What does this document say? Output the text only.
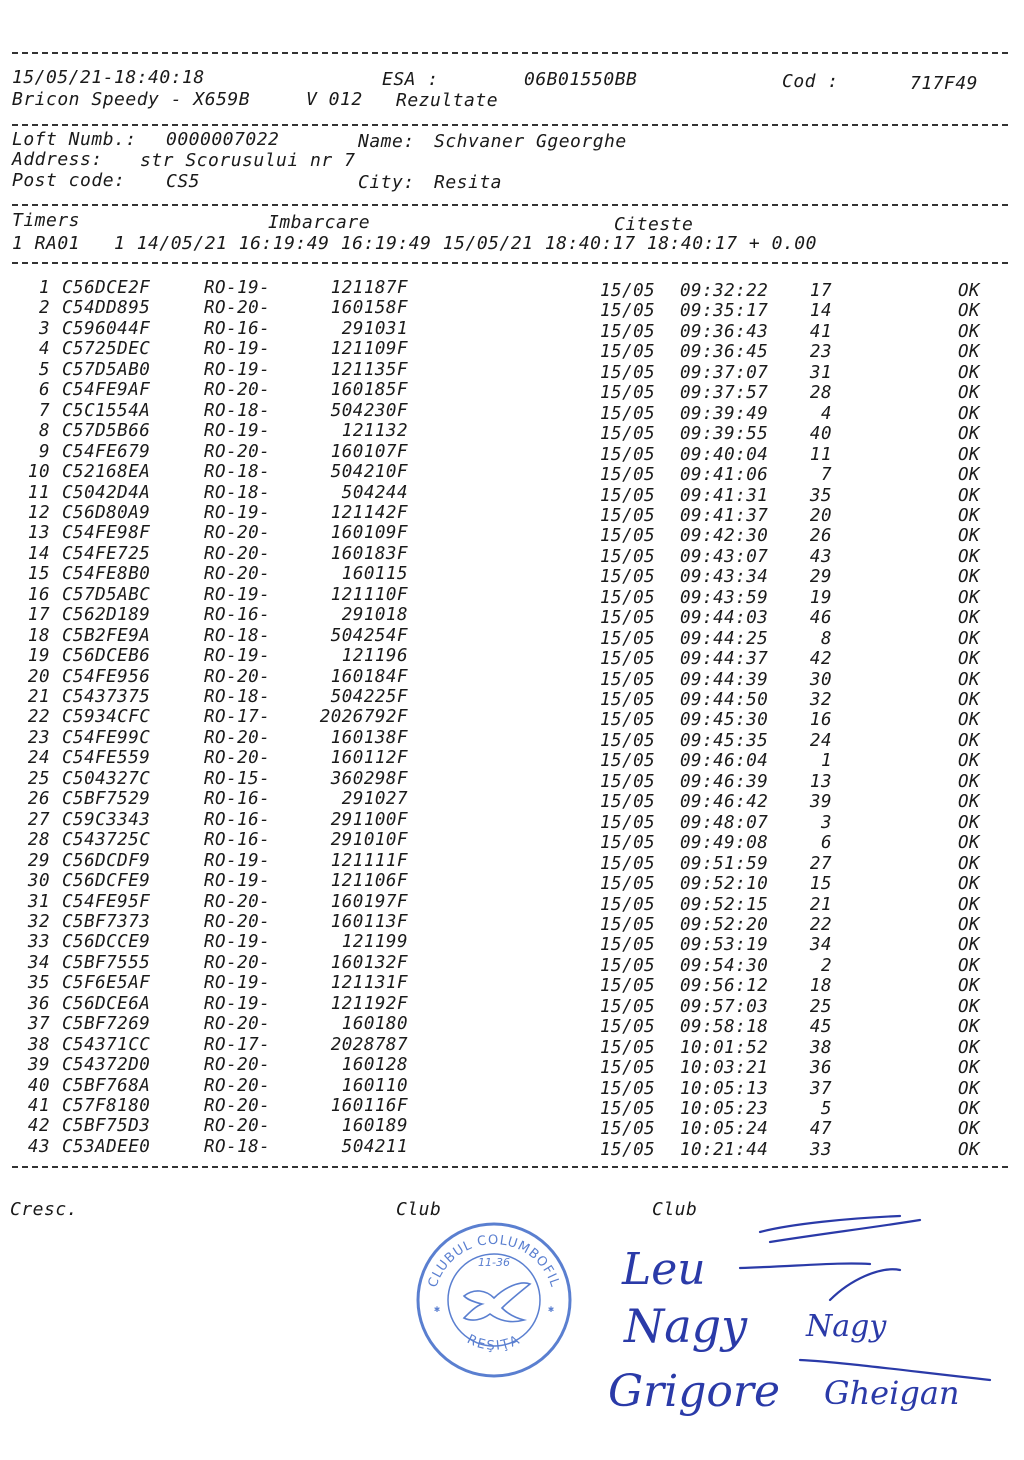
15/05/21-18:40:18	ESA :	06B01550BB	Cod :	717F49
Bricon Speedy - X659B	V 012 Rezultate
Loft Numb.: 0000007022	Name: Schvaner Ggeorghe
Address: str Scorusului nr 7
Post code: CS5	City: Resita
Timers	Imbarcare	Citeste
1 RA01   1 14/05/21 16:19:49 16:19:49 15/05/21 18:40:17 18:40:17 + 0.00
1 C56DCE2F	RO-19-	121187F	15/05 09:32:22 17	OK
2 C54DD895	RO-20-	160158F	15/05 09:35:17 14	OK
3 C596044F	RO-16-	291031	15/05 09:36:43 41	OK
4 C5725DEC	RO-19-	121109F	15/05 09:36:45 23	OK
5 C57D5AB0	RO-19-	121135F	15/05 09:37:07 31	OK
6 C54FE9AF	RO-20-	160185F	15/05 09:37:57 28	OK
7 C5C1554A	RO-18-	504230F	15/05 09:39:49	4	OK
8 C57D5B66	RO-19-	121132	15/05 09:39:55 40	OK
9 C54FE679	RO-20-	160107F	15/05 09:40:04 11	OK
10 C52168EA	RO-18-	504210F	15/05 09:41:06	7	OK
11 C5042D4A	RO-18-	504244	15/05 09:41:31 35	OK
12 C56D80A9	RO-19-	121142F	15/05 09:41:37 20	OK
13 C54FE98F	RO-20-	160109F	15/05 09:42:30 26	OK
14 C54FE725	RO-20-	160183F	15/05 09:43:07 43	OK
15 C54FE8B0	RO-20-	160115	15/05 09:43:34 29	OK
16 C57D5ABC	RO-19-	121110F	15/05 09:43:59 19	OK
17 C562D189	RO-16-	291018	15/05 09:44:03 46	OK
18 C5B2FE9A	RO-18-	504254F	15/05 09:44:25	8	OK
19 C56DCEB6	RO-19-	121196	15/05 09:44:37 42	OK
20 C54FE956	RO-20-	160184F	15/05 09:44:39 30	OK
21 C5437375	RO-18-	504225F	15/05 09:44:50 32	OK
22 C5934CFC	RO-17-	2026792F	15/05 09:45:30 16	OK
23 C54FE99C	RO-20-	160138F	15/05 09:45:35 24	OK
24 C54FE559	RO-20-	160112F	15/05 09:46:04	1	OK
25 C504327C	RO-15-	360298F	15/05 09:46:39 13	OK
26 C5BF7529	RO-16-	291027	15/05 09:46:42 39	OK
27 C59C3343	RO-16-	291100F	15/05 09:48:07	3	OK
28 C543725C	RO-16-	291010F	15/05 09:49:08	6	OK
29 C56DCDF9	RO-19-	121111F	15/05 09:51:59 27	OK
30 C56DCFE9	RO-19-	121106F	15/05 09:52:10 15	OK
31 C54FE95F	RO-20-	160197F	15/05 09:52:15 21	OK
32 C5BF7373	RO-20-	160113F	15/05 09:52:20 22	OK
33 C56DCCE9	RO-19-	121199	15/05 09:53:19 34	OK
34 C5BF7555	RO-20-	160132F	15/05 09:54:30	2	OK
35 C5F6E5AF	RO-19-	121131F	15/05 09:56:12 18	OK
36 C56DCE6A	RO-19-	121192F	15/05 09:57:03 25	OK
37 C5BF7269	RO-20-	160180	15/05 09:58:18 45	OK
38 C54371CC	RO-17-	2028787	15/05 10:01:52 38	OK
39 C54372D0	RO-20-	160128	15/05 10:03:21 36	OK
40 C5BF768A	RO-20-	160110	15/05 10:05:13 37	OK
41 C57F8180	RO-20-	160116F	15/05 10:05:23	5	OK
42 C5BF75D3	RO-20-	160189	15/05 10:05:24 47	OK
43 C53ADEE0	RO-18-	504211	15/05 10:21:44 33	OK
Cresc.	Club	Club
CLUBUL COLUMBOFIL
11-36
REŞIŢA
✱	✱
Leu
Nagy
Grigore
Nagy
Gheigan
